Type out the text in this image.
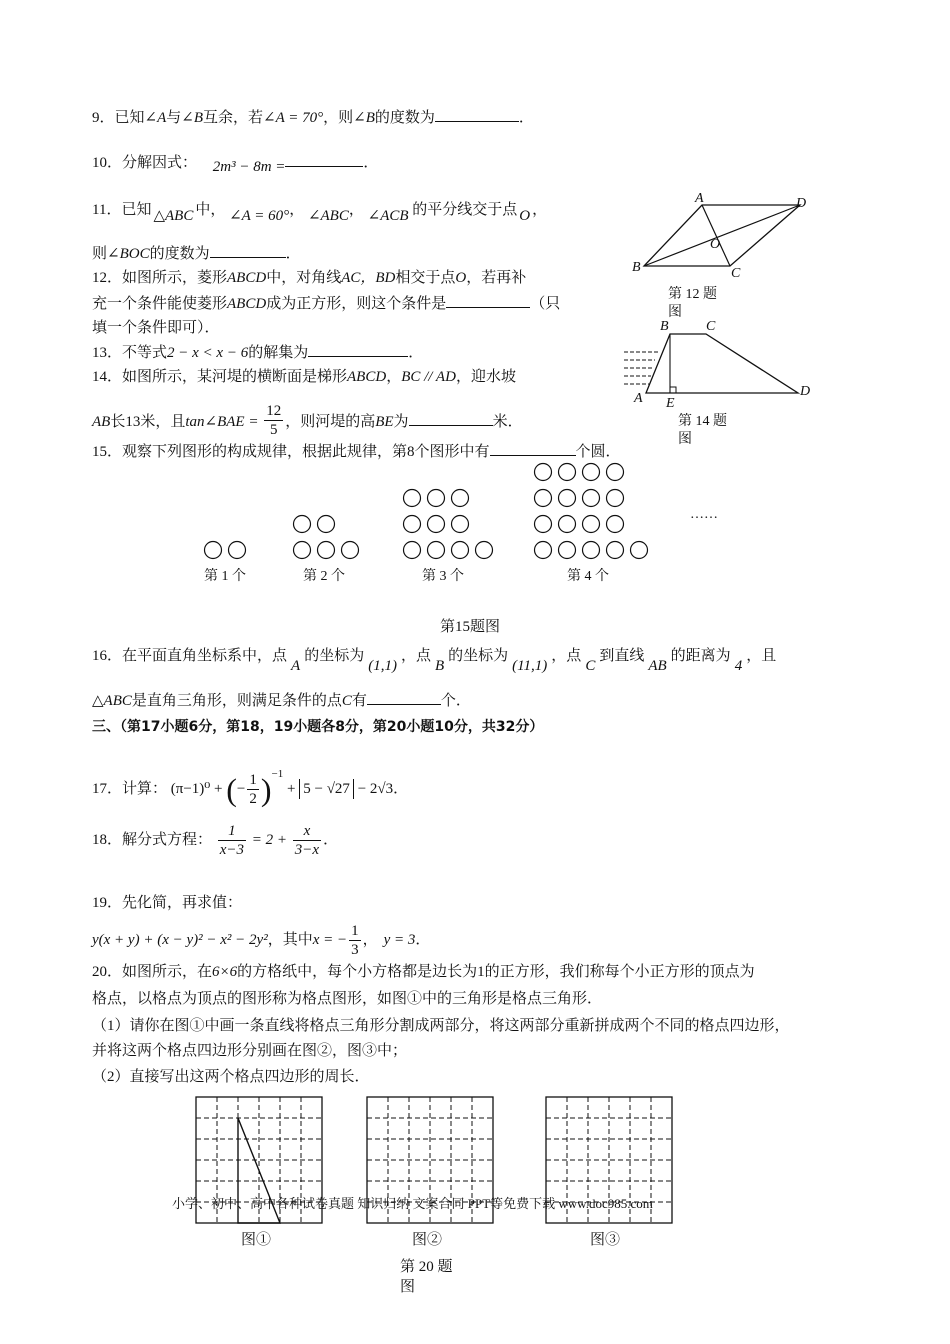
9．已知∠A与∠B互余，若∠A = 70°，则∠B的度数为	．
10．分解因式： 2m³ − 8m =	．
11．已知 △ABC 中， ∠A = 60°， ∠ABC， ∠ACB 的平分线交于点 O ，
则∠BOC的度数为	．
12．如图所示，菱形ABCD中，对角线AC，BD相交于点O，若再补
充一个条件能使菱形ABCD成为正方形，则这个条件是	（只
填一个条件即可）．
13．不等式2 − x < x − 6的解集为	．
14．如图所示，某河堤的横断面是梯形ABCD，BC // AD，迎水坡
AB长13米，且tan∠BAE = $\frac{12}{5}$ ，则河堤的高BE为	米．
15．观察下列图形的构成规律，根据此规律，第8个图形中有	个圆．
第 1 个	第 2 个	第 3 个	第 4 个
……
第15题图
16．在平面直角坐标系中，点A的坐标为(1,1)，点B的坐标为(11,1)，点C到直线AB的距离为4，且
△ABC是直角三角形，则满足条件的点C有	个．
三、（第17小题6分，第18，19小题各8分，第20小题10分，共32分）
17．计算： (π−1)⁰ + (− $\frac{1}{2} )^{-1} + 5 - √27 - 2√3$．
18．解分式方程： $\frac{1}{x-3} = 2 + \frac{x}{3-x}$ ．
19．先化简，再求值：
y(x + y) + (x − y)² − x² − 2y²，其中x = − $\frac{1}{3}$ ， y = 3．
20．如图所示，在6×6的方格纸中，每个小方格都是边长为1的正方形，我们称每个小正方形的顶点为
格点，以格点为顶点的图形称为格点图形，如图①中的三角形是格点三角形．
（1）请你在图①中画一条直线将格点三角形分割成两部分，将这两部分重新拼成两个不同的格点四边形，
并将这两个格点四边形分别画在图②，图③中；
（2）直接写出这两个格点四边形的周长．
A	D
O
B	C
第 12 题
图
B	C
A E
D
第 14 题
图
图①	图②	图③
第 20 题
图
小学、初中、高中各种试卷真题 知识归纳 文案合同 PPT等免费下载 www.doc985.com
